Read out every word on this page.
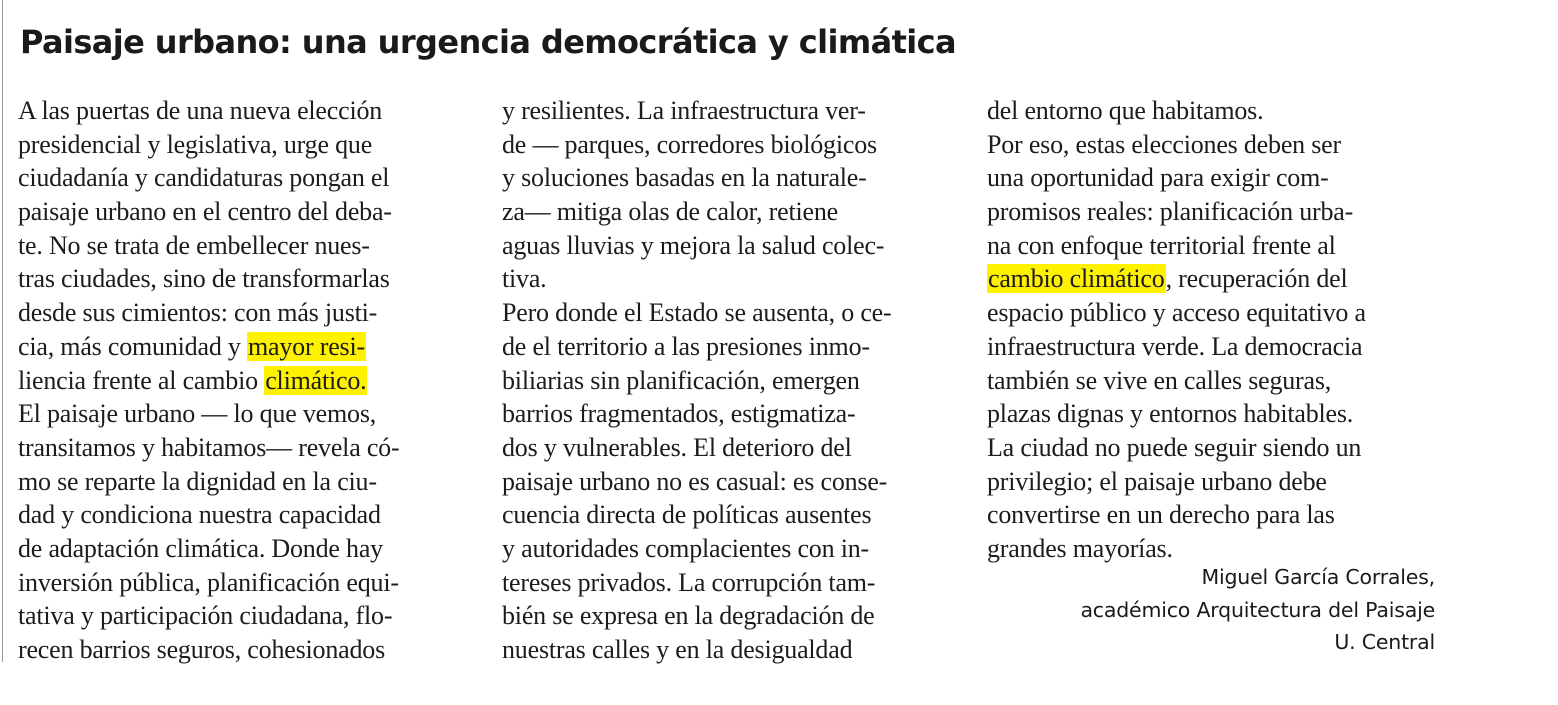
Paisaje urbano: una urgencia democrática y climática
A las puertas de una nueva elección
presidencial y legislativa, urge que
ciudadanía y candidaturas pongan el
paisaje urbano en el centro del deba-
te. No se trata de embellecer nues-
tras ciudades, sino de transformarlas
desde sus cimientos: con más justi-
cia, más comunidad y mayor resi-
liencia frente al cambio climático.
El paisaje urbano — lo que vemos,
transitamos y habitamos— revela có-
mo se reparte la dignidad en la ciu-
dad y condiciona nuestra capacidad
de adaptación climática. Donde hay
inversión pública, planificación equi-
tativa y participación ciudadana, flo-
recen barrios seguros, cohesionados
y resilientes. La infraestructura ver-
de — parques, corredores biológicos
y soluciones basadas en la naturale-
za— mitiga olas de calor, retiene
aguas lluvias y mejora la salud colec-
tiva.
Pero donde el Estado se ausenta, o ce-
de el territorio a las presiones inmo-
biliarias sin planificación, emergen
barrios fragmentados, estigmatiza-
dos y vulnerables. El deterioro del
paisaje urbano no es casual: es conse-
cuencia directa de políticas ausentes
y autoridades complacientes con in-
tereses privados. La corrupción tam-
bién se expresa en la degradación de
nuestras calles y en la desigualdad
del entorno que habitamos.
Por eso, estas elecciones deben ser
una oportunidad para exigir com-
promisos reales: planificación urba-
na con enfoque territorial frente al
cambio climático, recuperación del
espacio público y acceso equitativo a
infraestructura verde. La democracia
también se vive en calles seguras,
plazas dignas y entornos habitables.
La ciudad no puede seguir siendo un
privilegio; el paisaje urbano debe
convertirse en un derecho para las
grandes mayorías.
Miguel García Corrales,
académico Arquitectura del Paisaje
U. Central
